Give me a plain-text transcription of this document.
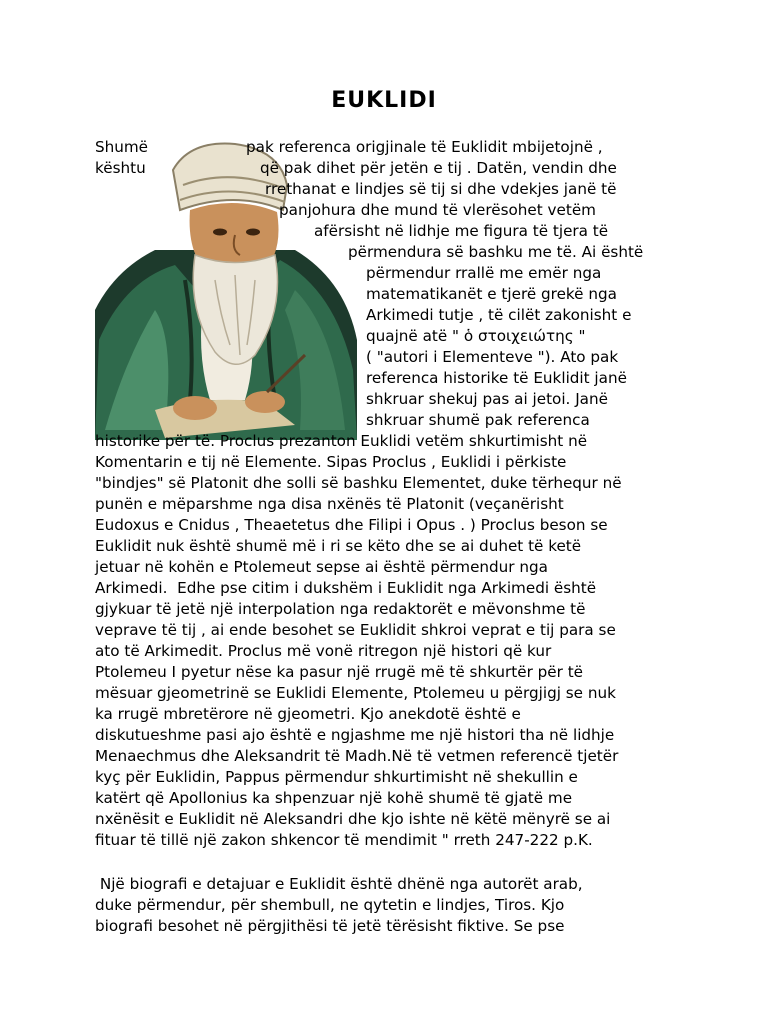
EUKLIDI
Shumë	pak referenca origjinale të Euklidit mbijetojnë ,
kështu	që pak dihet për jetën e tij . Datën, vendin dhe
rrethanat e lindjes së tij si dhe vdekjes janë të
panjohura dhe mund të vlerësohet vetëm
afërsisht në lidhje me figura të tjera të
përmendura së bashku me të. Ai është
përmendur rrallë me emër nga
matematikanët e tjerë grekë nga
Arkimedi tutje , të cilët zakonisht e
quajnë atë " ὁ στοιχειώτης "
( "autori i Elementeve "). Ato pak
referenca historike të Euklidit janë
shkruar shekuj pas ai jetoi. Janë
shkruar shumë pak referenca
historike për të. Proclus prezanton Euklidi vetëm shkurtimisht në
Komentarin e tij në Elemente. Sipas Proclus , Euklidi i përkiste
"bindjes" së Platonit dhe solli së bashku Elementet, duke tërhequr në
punën e mëparshme nga disa nxënës të Platonit (veçanërisht
Eudoxus e Cnidus , Theaetetus dhe Filipi i Opus . ) Proclus beson se
Euklidit nuk është shumë më i ri se këto dhe se ai duhet të ketë
jetuar në kohën e Ptolemeut sepse ai është përmendur nga
Arkimedi.  Edhe pse citim i dukshëm i Euklidit nga Arkimedi është
gjykuar të jetë një interpolation nga redaktorët e mëvonshme të
veprave të tij , ai ende besohet se Euklidit shkroi veprat e tij para se
ato të Arkimedit. Proclus më vonë ritregon një histori që kur
Ptolemeu I pyetur nëse ka pasur një rrugë më të shkurtër për të
mësuar gjeometrinë se Euklidi Elemente, Ptolemeu u përgjigj se nuk
ka rrugë mbretërore në gjeometri. Kjo anekdotë është e
diskutueshme pasi ajo është e ngjashme me një histori tha në lidhje
Menaechmus dhe Aleksandrit të Madh.Në të vetmen referencë tjetër
kyç për Euklidin, Pappus përmendur shkurtimisht në shekullin e
katërt që Apollonius ka shpenzuar një kohë shumë të gjatë me
nxënësit e Euklidit në Aleksandri dhe kjo ishte në këtë mënyrë se ai
fituar të tillë një zakon shkencor të mendimit " rreth 247-222 p.K.
Një biografi e detajuar e Euklidit është dhënë nga autorët arab,
duke përmendur, për shembull, ne qytetin e lindjes, Tiros. Kjo
biografi besohet në përgjithësi të jetë tërësisht fiktive. Se pse
